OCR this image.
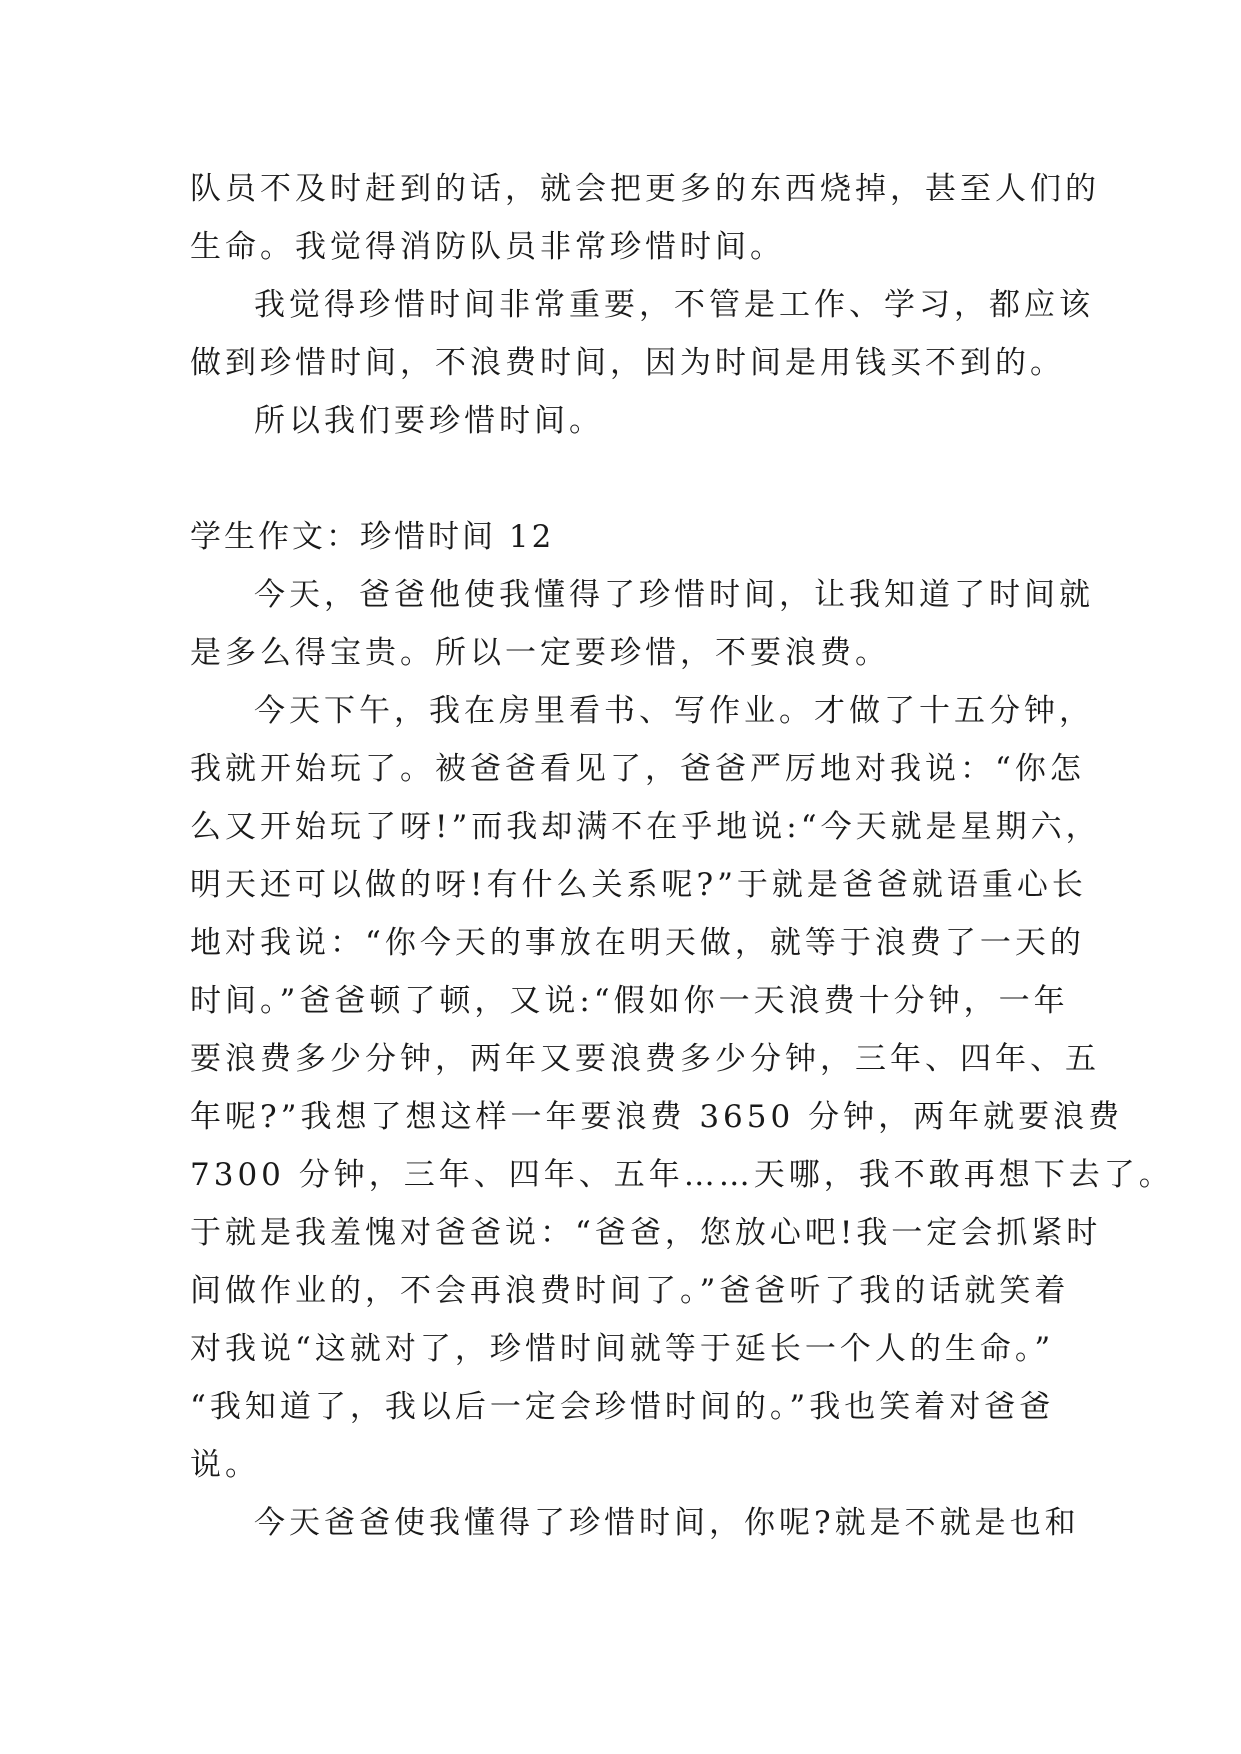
队员不及时赶到的话，就会把更多的东西烧掉，甚至人们的
生命。我觉得消防队员非常珍惜时间。
我觉得珍惜时间非常重要，不管是工作、学习，都应该
做到珍惜时间，不浪费时间，因为时间是用钱买不到的。
所以我们要珍惜时间。
学生作文：珍惜时间 12
今天，爸爸他使我懂得了珍惜时间，让我知道了时间就
是多么得宝贵。所以一定要珍惜，不要浪费。
今天下午，我在房里看书、写作业。才做了十五分钟，
我就开始玩了。被爸爸看见了，爸爸严厉地对我说：“你怎
么又开始玩了呀!”而我却满不在乎地说:“今天就是星期六，
明天还可以做的呀!有什么关系呢?”于就是爸爸就语重心长
地对我说：“你今天的事放在明天做，就等于浪费了一天的
时间。”爸爸顿了顿，又说:“假如你一天浪费十分钟，一年
要浪费多少分钟，两年又要浪费多少分钟，三年、四年、五
年呢?”我想了想这样一年要浪费 3650 分钟，两年就要浪费
7300 分钟，三年、四年、五年……天哪，我不敢再想下去了。
于就是我羞愧对爸爸说：“爸爸，您放心吧!我一定会抓紧时
间做作业的，不会再浪费时间了。”爸爸听了我的话就笑着
对我说“这就对了，珍惜时间就等于延长一个人的生命。”
“我知道了，我以后一定会珍惜时间的。”我也笑着对爸爸
说。
今天爸爸使我懂得了珍惜时间，你呢?就是不就是也和
